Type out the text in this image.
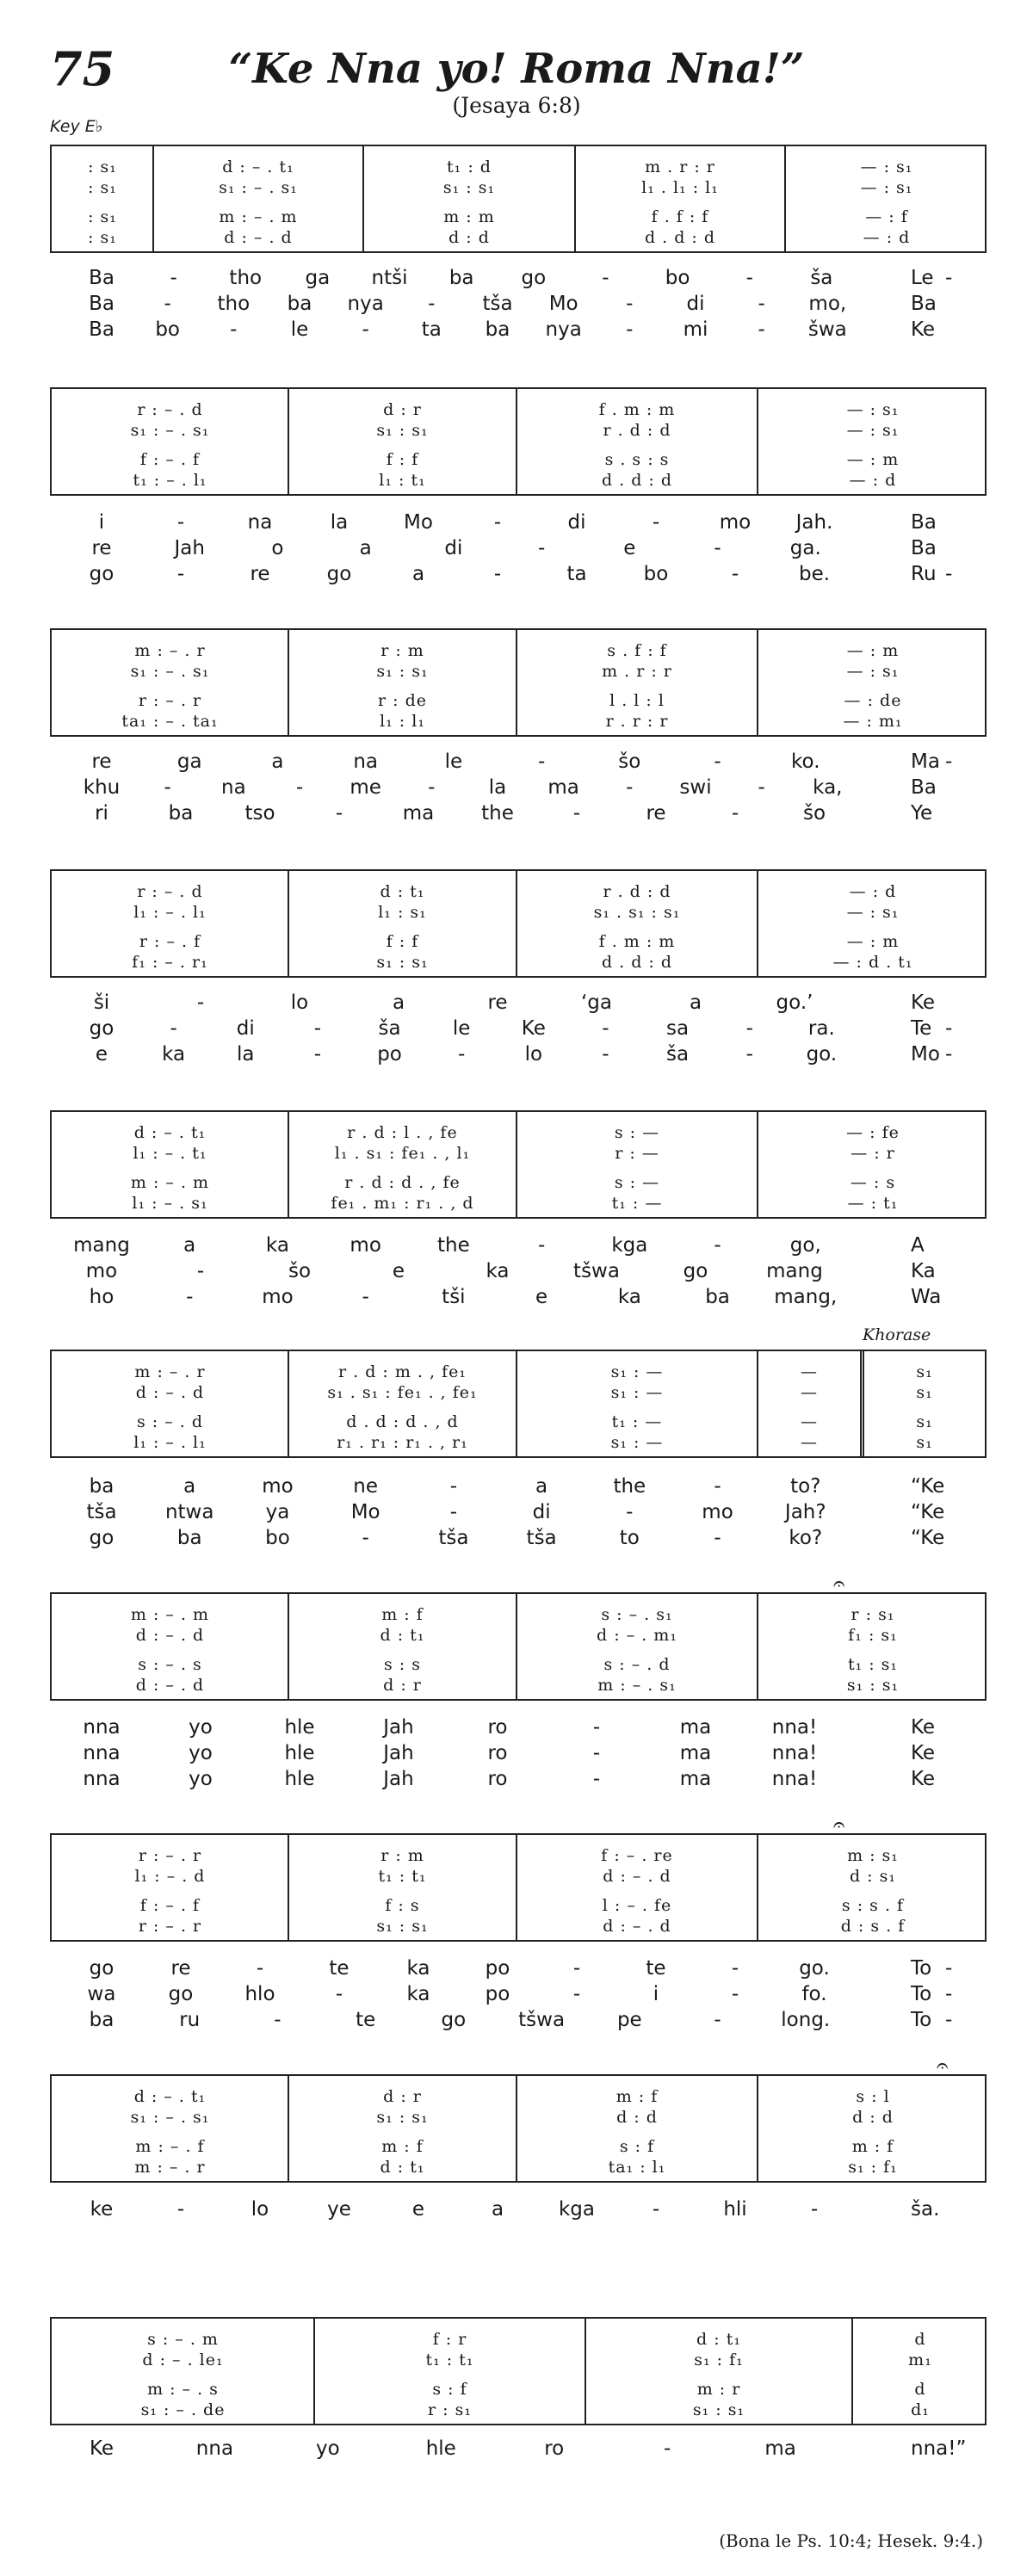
75	“Ke Nna yo! Roma Nna!”
(Jesaya 6:8)
Key E♭
Khorase
: s₁	d : – . t₁	t₁ : d	m . r : r	— : s₁
: s₁	s₁ : – . s₁	s₁ : s₁	l₁ . l₁ : l₁	— : s₁
: s₁	m : – . m	m : m	f . f : f	— : f
: s₁	d : – . d	d : d	d . d : d	— : d
Ba	-	tho ga ntši ba go	-	bo	-	ša	Le -
Ba	- tho ba nya - tša Mo -	di	- mo,	Ba
Ba bo	-	le	-	ta ba nya -	mi	- šwa	Ke
r : – . d	d : r	f . m : m	— : s₁
s₁ : – . s₁	s₁ : s₁	r . d : d	— : s₁
f : – . f	f : f	s . s : s	— : m
t₁ : – . l₁	l₁ : t₁	d . d : d	— : d
i	-	na	la	Mo	-	di	-	mo Jah.	Ba
re	Jah	o	a	di	-	e	-	ga.	Ba
go	-	re	go	a	-	ta	bo	-	be.	Ru -
m : – . r	r : m	s . f : f	— : m
s₁ : – . s₁	s₁ : s₁	m . r : r	— : s₁
r : – . r	r : de	l . l : l	— : de
ta₁ : – . ta₁	l₁ : l₁	r . r : r	— : m₁
re	ga	a	na	le	-	šo	-	ko.	Ma -
khu -	na	- me -	la ma - swi - ka,	Ba
ri	ba	tso	-	ma the	-	re	-	šo	Ye
r : – . d	d : t₁	r . d : d	— : d
l₁ : – . l₁	l₁ : s₁	s₁ . s₁ : s₁	— : s₁
r : – . f	f : f	f . m : m	— : m
f₁ : – . r₁	s₁ : s₁	d . d : d	— : d . t₁
ši	-	lo	a	re	‘ga	a	go.’	Ke
go	-	di	-	ša	le	Ke	-	sa	-	ra.	Te -
e	ka	la	-	po	-	lo	-	ša	-	go.	Mo -
d : – . t₁	r . d : l . , fe	s : —	— : fe
l₁ : – . t₁	l₁ . s₁ : fe₁ . , l₁	r : —	— : r
m : – . m	r . d : d . , fe	s : —	— : s
l₁ : – . s₁	fe₁ . m₁ : r₁ . , d	t₁ : —	— : t₁
mang	a	ka	mo	the	-	kga	-	go,	A
mo	-	šo	e	ka	tšwa	go	mang	Ka
ho	-	mo	-	tši	e	ka	ba mang,	Wa
m : – . r	r . d : m . , fe₁	s₁ : —	—	s₁
d : – . d	s₁ . s₁ : fe₁ . , fe₁	s₁ : —	—	s₁
s : – . d	d . d : d . , d	t₁ : —	—	s₁
l₁ : – . l₁	r₁ . r₁ : r₁ . , r₁	s₁ : —	—	s₁
ba	a	mo	ne	-	a	the	-	to?	“Ke
tša ntwa	ya	Mo	-	di	-	mo	Jah?	“Ke
go	ba	bo	-	tša	tša	to	-	ko?	“Ke
m : – . m	m : f	s : – . s₁	r : s₁
d : – . d	d : t₁	d : – . m₁	f₁ : s₁
s : – . s	s : s	s : – . d	t₁ : s₁
d : – . d	d : r	m : – . s₁	s₁ : s₁
𝄐
nna	yo	hle	Jah	ro	-	ma	nna!	Ke
nna	yo	hle	Jah	ro	-	ma	nna!	Ke
nna	yo	hle	Jah	ro	-	ma	nna!	Ke
r : – . r	r : m	f : – . re	m : s₁
l₁ : – . d	t₁ : t₁	d : – . d	d : s₁
f : – . f	f : s	l : – . fe	s : s . f
r : – . r	s₁ : s₁	d : – . d	d : s . f
𝄐
go	re	-	te	ka	po	-	te	-	go.	To -
wa	go	hlo	-	ka	po	-	i	-	fo.	To -
ba	ru	-	te	go	tšwa	pe	-	long.	To -
d : – . t₁	d : r	m : f	s : l
s₁ : – . s₁	s₁ : s₁	d : d	d : d
m : – . f	m : f	s : f	m : f
m : – . r	d : t₁	ta₁ : l₁	s₁ : f₁
𝄐
ke	-	lo	ye	e	a	kga	-	hli	-	ša.
s : – . m	f : r	d : t₁	d
d : – . le₁	t₁ : t₁	s₁ : f₁	m₁
m : – . s	s : f	m : r	d
s₁ : – . de	r : s₁	s₁ : s₁	d₁
Ke	nna	yo	hle	ro	-	ma	nna!”
(Bona le Ps. 10:4; Hesek. 9:4.)
